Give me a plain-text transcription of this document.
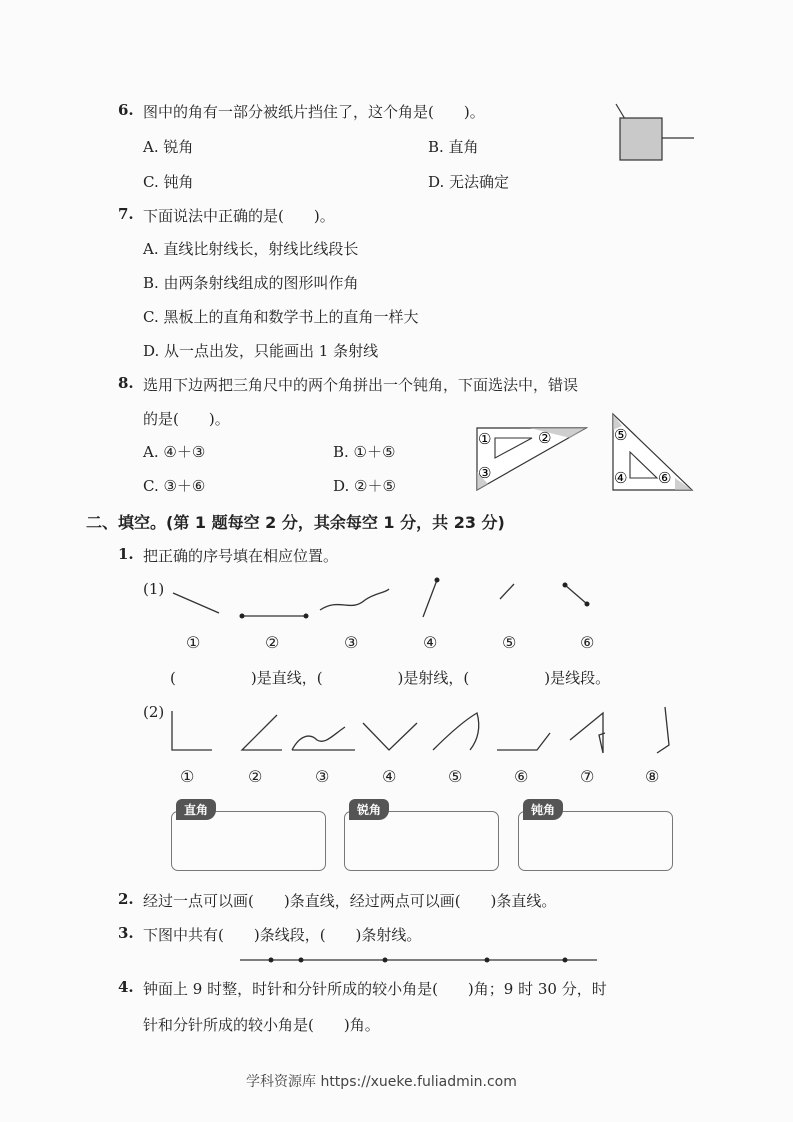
6. 图中的角有一部分被纸片挡住了，这个角是(　　)。
A. 锐角	B. 直角
C. 钝角	D. 无法确定
7. 下面说法中正确的是(　　)。
A. 直线比射线长，射线比线段长
B. 由两条射线组成的图形叫作角
C. 黑板上的直角和数学书上的直角一样大
D. 从一点出发，只能画出 1 条射线
8. 选用下边两把三角尺中的两个角拼出一个钝角，下面选法中，错误
的是(　　)。
A. ④＋③	B. ①＋⑤
C. ③＋⑥	D. ②＋⑤
①	②
③	④
⑤
⑥
二、填空。(第 1 题每空 2 分，其余每空 1 分，共 23 分)
1. 把正确的序号填在相应位置。
(1)
①	②	③	④	⑤	⑥
(　　　　　)是直线，(　　　　　)是射线，(　　　　　)是线段。
(2)
①	②	③	④	⑤	⑥	⑦	⑧
直角	锐角	钝角
2. 经过一点可以画(　　)条直线，经过两点可以画(　　)条直线。
3. 下图中共有(　　)条线段，(　　)条射线。
4. 钟面上 9 时整，时针和分针所成的较小角是(　　)角；9 时 30 分，时
针和分针所成的较小角是(　　)角。
学科资源库 https://xueke.fuliadmin.com
